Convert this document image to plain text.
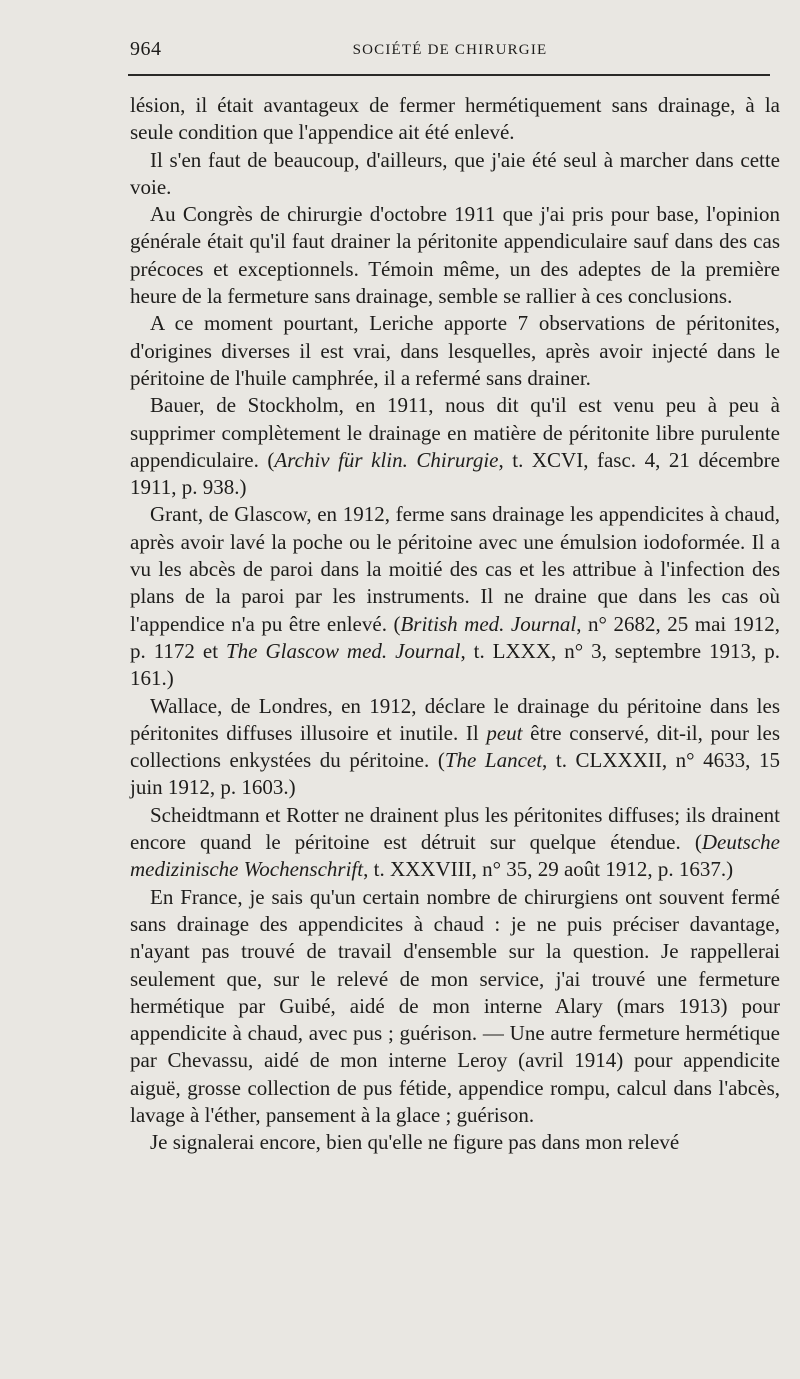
964	SOCIÉTÉ DE CHIRURGIE

lésion, il était avantageux de fermer hermétiquement sans drainage, à la seule condition que l'appendice ait été enlevé.

Il s'en faut de beaucoup, d'ailleurs, que j'aie été seul à marcher dans cette voie.

Au Congrès de chirurgie d'octobre 1911 que j'ai pris pour base, l'opinion générale était qu'il faut drainer la péritonite appendiculaire sauf dans des cas précoces et exceptionnels. Témoin même, un des adeptes de la première heure de la fermeture sans drainage, semble se rallier à ces conclusions.

A ce moment pourtant, Leriche apporte 7 observations de péritonites, d'origines diverses il est vrai, dans lesquelles, après avoir injecté dans le péritoine de l'huile camphrée, il a refermé sans drainer.

Bauer, de Stockholm, en 1911, nous dit qu'il est venu peu à peu à supprimer complètement le drainage en matière de péritonite libre purulente appendiculaire. (Archiv für klin. Chirurgie, t. XCVI, fasc. 4, 21 décembre 1911, p. 938.)

Grant, de Glascow, en 1912, ferme sans drainage les appendicites à chaud, après avoir lavé la poche ou le péritoine avec une émulsion iodoformée. Il a vu les abcès de paroi dans la moitié des cas et les attribue à l'infection des plans de la paroi par les instruments. Il ne draine que dans les cas où l'appendice n'a pu être enlevé. (British med. Journal, n° 2682, 25 mai 1912, p. 1172 et The Glascow med. Journal, t. LXXX, n° 3, septembre 1913, p. 161.)

Wallace, de Londres, en 1912, déclare le drainage du péritoine dans les péritonites diffuses illusoire et inutile. Il peut être conservé, dit-il, pour les collections enkystées du péritoine. (The Lancet, t. CLXXXII, n° 4633, 15 juin 1912, p. 1603.)

Scheidtmann et Rotter ne drainent plus les péritonites diffuses; ils drainent encore quand le péritoine est détruit sur quelque étendue. (Deutsche medizinische Wochenschrift, t. XXXVIII, n° 35, 29 août 1912, p. 1637.)

En France, je sais qu'un certain nombre de chirurgiens ont souvent fermé sans drainage des appendicites à chaud : je ne puis préciser davantage, n'ayant pas trouvé de travail d'ensemble sur la question. Je rappellerai seulement que, sur le relevé de mon service, j'ai trouvé une fermeture hermétique par Guibé, aidé de mon interne Alary (mars 1913) pour appendicite à chaud, avec pus ; guérison. — Une autre fermeture hermétique par Chevassu, aidé de mon interne Leroy (avril 1914) pour appendicite aiguë, grosse collection de pus fétide, appendice rompu, calcul dans l'abcès, lavage à l'éther, pansement à la glace ; guérison.

Je signalerai encore, bien qu'elle ne figure pas dans mon relevé
